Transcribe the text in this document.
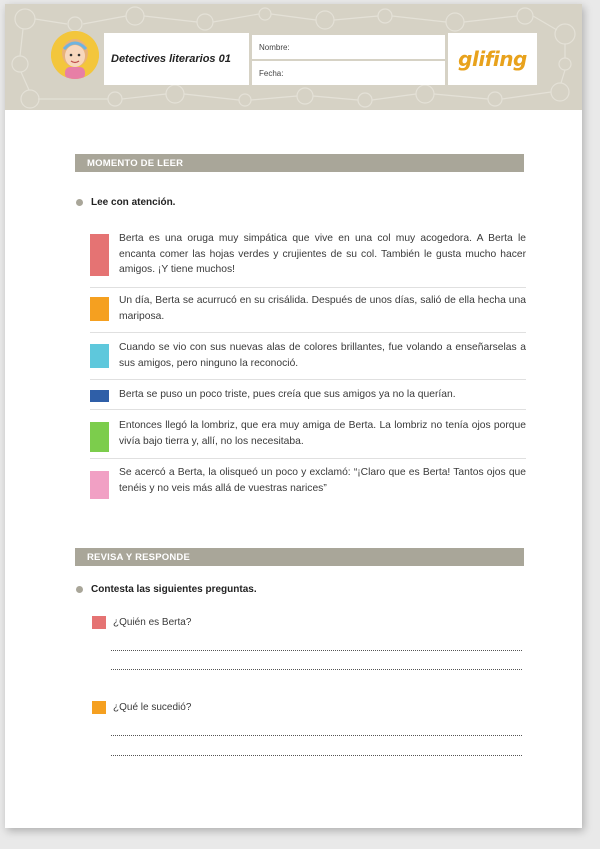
Detectives literarios 01
Nombre:
Fecha:
glifing
MOMENTO DE LEER
Lee con atención.
Berta es una oruga muy simpática que vive en una col muy acogedora. A Berta le encanta comer las hojas verdes y crujientes de su col. También le gusta mucho hacer amigos. ¡Y tiene muchos!
Un día, Berta se acurrucó en su crisálida. Después de unos días, salió de ella hecha una mariposa.
Cuando se vio con sus nuevas alas de colores brillantes, fue volando a enseñarselas a sus amigos, pero ninguno la reconoció.
Berta se puso un poco triste, pues creía que sus amigos ya no la querían.
Entonces llegó la lombriz, que era muy amiga de Berta. La lombriz no tenía ojos porque vivía bajo tierra y, allí, no los necesitaba.
Se acercó a Berta, la olisqueó un poco y exclamó: “¡Claro que es Berta! Tantos ojos que tenéis y no veis más allá de vuestras narices”
REVISA Y RESPONDE
Contesta las siguientes preguntas.
¿Quién es Berta?
¿Qué le sucedió?
